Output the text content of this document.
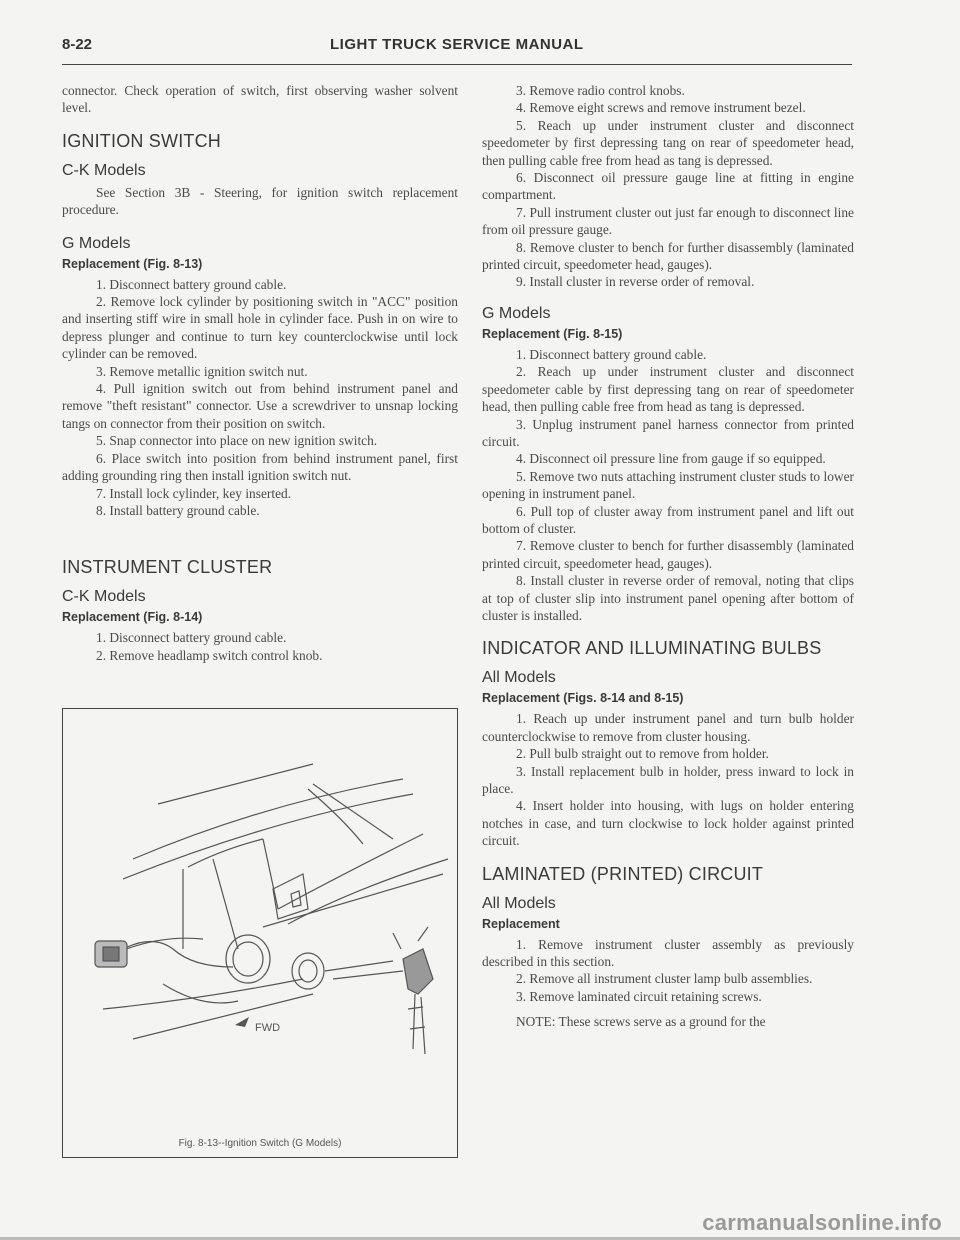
8-22	LIGHT TRUCK SERVICE MANUAL

connector. Check operation of switch, first observing washer solvent level.

IGNITION SWITCH
C-K Models

See Section 3B - Steering, for ignition switch replacement procedure.

G Models
Replacement (Fig. 8-13)

1. Disconnect battery ground cable.

2. Remove lock cylinder by positioning switch in "ACC" position and inserting stiff wire in small hole in cylinder face. Push in on wire to depress plunger and continue to turn key counterclockwise until lock cylinder can be removed.

3. Remove metallic ignition switch nut.

4. Pull ignition switch out from behind instrument panel and remove "theft resistant" connector. Use a screwdriver to unsnap locking tangs on connector from their position on switch.

5. Snap connector into place on new ignition switch.

6. Place switch into position from behind instrument panel, first adding grounding ring then install ignition switch nut.

7. Install lock cylinder, key inserted.

8. Install battery ground cable.

INSTRUMENT CLUSTER
C-K Models
Replacement (Fig. 8-14)

1. Disconnect battery ground cable.

2. Remove headlamp switch control knob.

FWD
Fig. 8-13--Ignition Switch (G Models)

3. Remove radio control knobs.

4. Remove eight screws and remove instrument bezel.

5. Reach up under instrument cluster and disconnect speedometer by first depressing tang on rear of speedometer head, then pulling cable free from head as tang is depressed.

6. Disconnect oil pressure gauge line at fitting in engine compartment.

7. Pull instrument cluster out just far enough to disconnect line from oil pressure gauge.

8. Remove cluster to bench for further disassembly (laminated printed circuit, speedometer head, gauges).

9. Install cluster in reverse order of removal.

G Models
Replacement (Fig. 8-15)

1. Disconnect battery ground cable.

2. Reach up under instrument cluster and disconnect speedometer cable by first depressing tang on rear of speedometer head, then pulling cable free from head as tang is depressed.

3. Unplug instrument panel harness connector from printed circuit.

4. Disconnect oil pressure line from gauge if so equipped.

5. Remove two nuts attaching instrument cluster studs to lower opening in instrument panel.

6. Pull top of cluster away from instrument panel and lift out bottom of cluster.

7. Remove cluster to bench for further disassembly (laminated printed circuit, speedometer head, gauges).

8. Install cluster in reverse order of removal, noting that clips at top of cluster slip into instrument panel opening after bottom of cluster is installed.

INDICATOR AND ILLUMINATING BULBS
All Models
Replacement (Figs. 8-14 and 8-15)

1. Reach up under instrument panel and turn bulb holder counterclockwise to remove from cluster housing.

2. Pull bulb straight out to remove from holder.

3. Install replacement bulb in holder, press inward to lock in place.

4. Insert holder into housing, with lugs on holder entering notches in case, and turn clockwise to lock holder against printed circuit.

LAMINATED (PRINTED) CIRCUIT
All Models
Replacement

1. Remove instrument cluster assembly as previously described in this section.

2. Remove all instrument cluster lamp bulb assemblies.

3. Remove laminated circuit retaining screws.

NOTE: These screws serve as a ground for the

carmanualsonline.info
